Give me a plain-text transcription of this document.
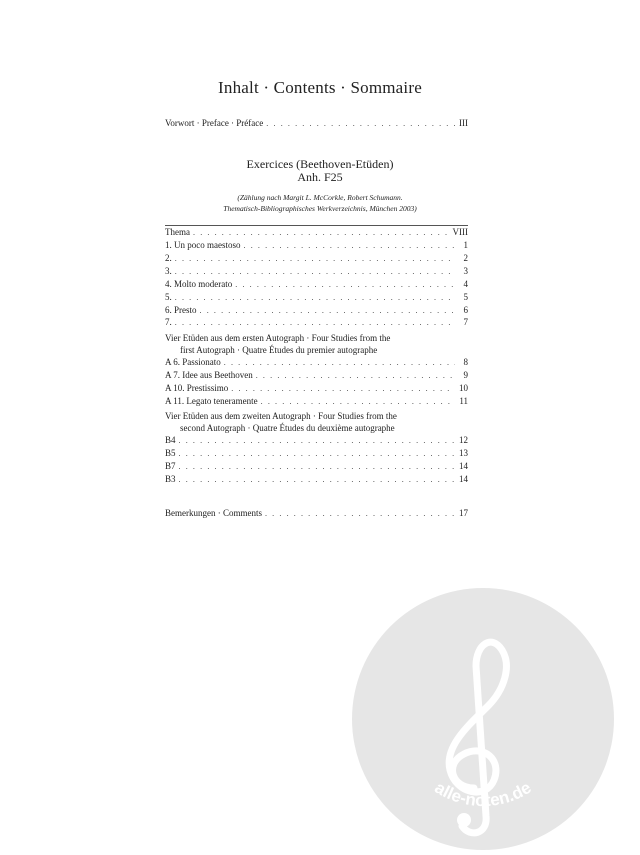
Inhalt · Contents · Sommaire
Vorwort · Preface · Préface . . .	III
Exercices (Beethoven-Etüden)
Anh. F25
(Zählung nach Margit L. McCorkle, Robert Schumann.
Thematisch-Bibliographisches Werkverzeichnis, München 2003)
Thema . . .	VIII
1. Un poco maestoso . . .	1
2. . . .	2
3. . . .	3
4. Molto moderato . . .	4
5. . . .	5
6. Presto . . .	6
7. . . .	7
Vier Etüden aus dem ersten Autograph · Four Studies from the
first Autograph · Quatre Études du premier autographe
A 6. Passionato . . .	8
A 7. Idee aus Beethoven . . .	9
A 10. Prestissimo . . .	10
A 11. Legato teneramente . . .	11
Vier Etüden aus dem zweiten Autograph · Four Studies from the
second Autograph · Quatre Études du deuxième autographe
B4 . . .	12
B5 . . .	13
B7 . . .	14
B3 . . .	14
Bemerkungen · Comments . . .	17
alle-noten.de
